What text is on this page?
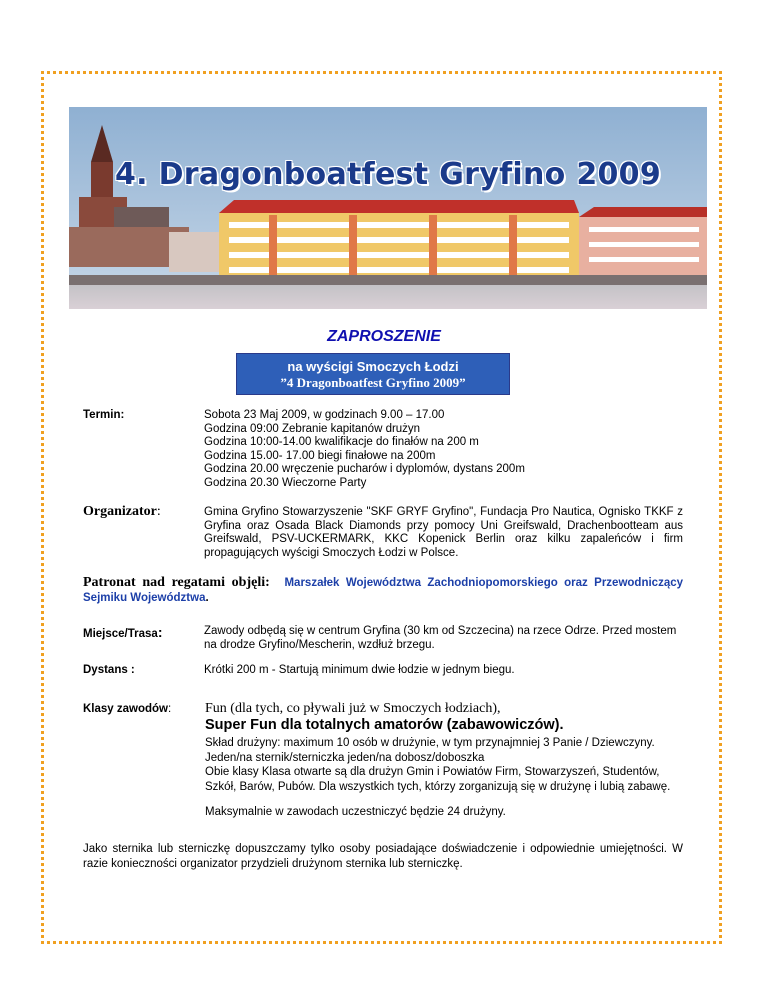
4. Dragonboatfest Gryfino 2009
ZAPROSZENIE
na wyścigi Smoczych Łodzi
”4 Dragonboatfest Gryfino 2009”
Termin:	Sobota 23 Maj 2009, w godzinach 9.00 – 17.00
Godzina 09:00 Zebranie kapitanów drużyn
Godzina 10:00-14.00 kwalifikacje do finałów na 200 m
Godzina 15.00- 17.00 biegi finałowe na 200m
Godzina 20.00 wręczenie pucharów i dyplomów, dystans 200m
Godzina 20.30 Wieczorne Party
Organizator:	Gmina Gryfino Stowarzyszenie "SKF GRYF Gryfino", Fundacja Pro Nautica, Ognisko TKKF z Gryfina oraz Osada Black Diamonds przy pomocy Uni Greifswald, Drachenbootteam aus Greifswald, PSV-UCKERMARK, KKC Kopenick Berlin oraz kilku zapaleńców i firm propagujących wyścigi Smoczych Łodzi w Polsce.
Patronat nad regatami objęli: Marszałek Województwa Zachodniopomorskiego oraz Przewodniczący Sejmiku Województwa.
Miejsce/Trasa:	Zawody odbędą się w centrum Gryfina (30 km od Szczecina) na rzece Odrze. Przed mostem na drodze Gryfino/Mescherin, wzdłuż brzegu.
Dystans :	Krótki 200 m - Startują minimum dwie łodzie w jednym biegu.
Klasy zawodów: Fun (dla tych, co pływali już w Smoczych łodziach),
Super Fun dla totalnych amatorów (zabawowiczów).
Skład drużyny: maximum 10 osób w drużynie, w tym przynajmniej 3 Panie / Dziewczyny. Jeden/na sternik/sterniczka jeden/na dobosz/doboszka
Obie klasy Klasa otwarte są dla drużyn Gmin i Powiatów Firm, Stowarzyszeń, Studentów, Szkół, Barów, Pubów. Dla wszystkich tych, którzy zorganizują się w drużynę i lubią zabawę.
Maksymalnie w zawodach uczestniczyć będzie 24 drużyny.
Jako sternika lub sterniczkę dopuszczamy tylko osoby posiadające doświadczenie i odpowiednie umiejętności. W razie konieczności organizator przydzieli drużynom sternika lub sterniczkę.
